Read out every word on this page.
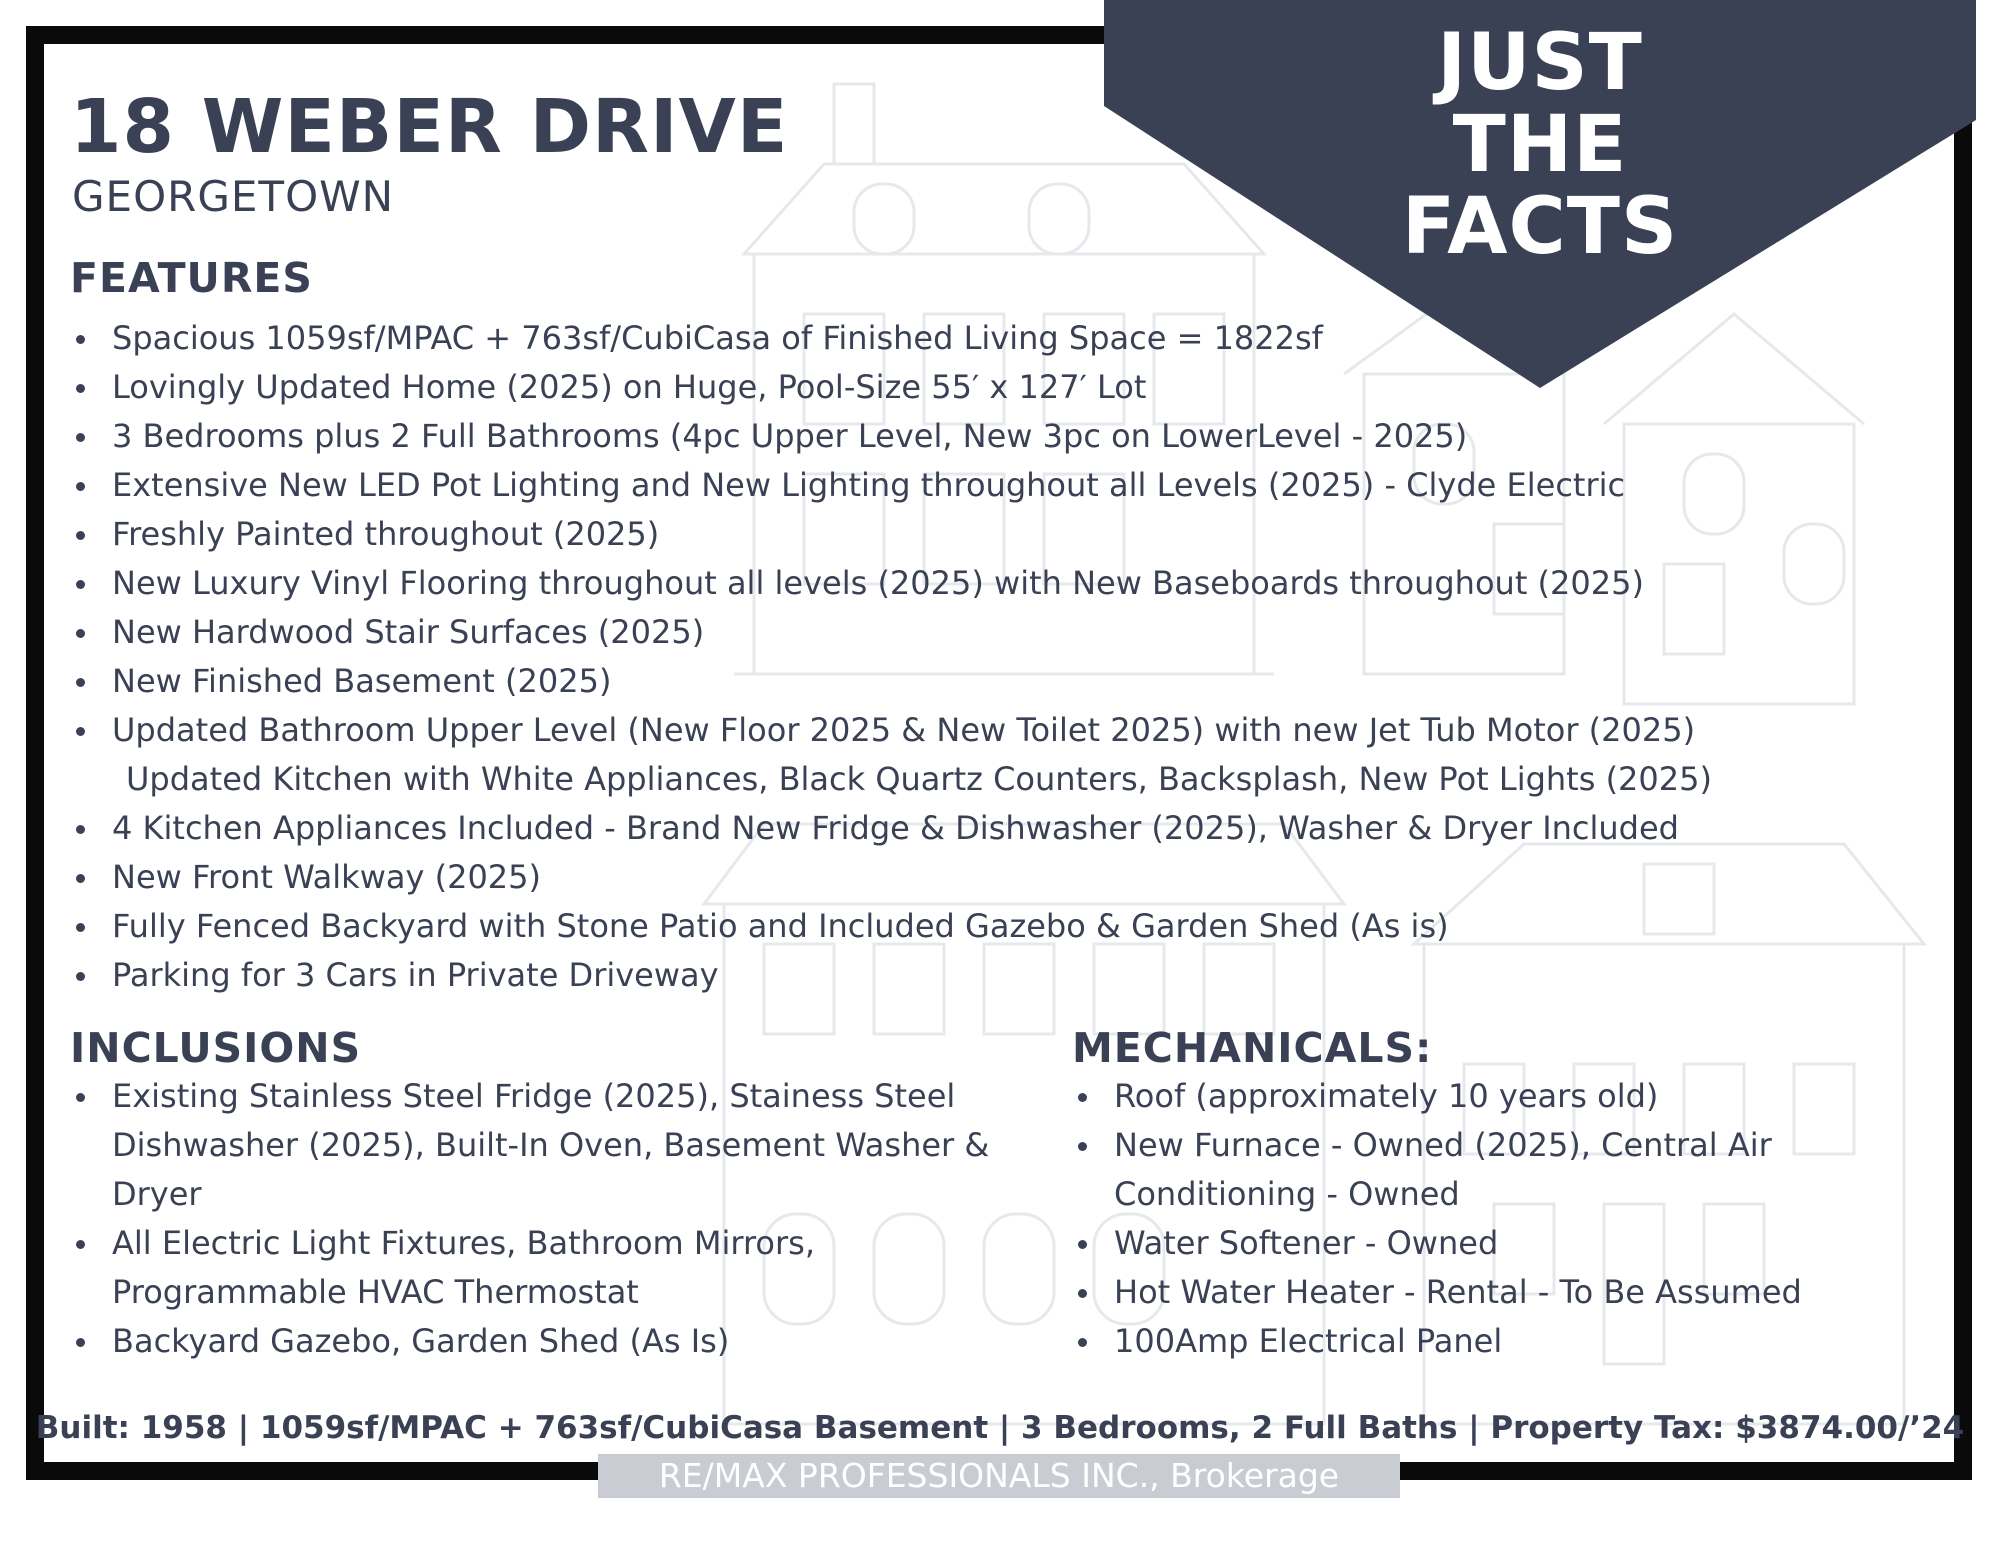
JUST
THE
FACTS
18 WEBER DRIVE
GEORGETOWN
FEATURES
Spacious 1059sf/MPAC + 763sf/CubiCasa of Finished Living Space = 1822sf
Lovingly Updated Home (2025) on Huge, Pool-Size 55′ x 127′ Lot
3 Bedrooms plus 2 Full Bathrooms (4pc Upper Level, New 3pc on LowerLevel - 2025)
Extensive New LED Pot Lighting and New Lighting throughout all Levels (2025) - Clyde Electric
Freshly Painted throughout (2025)
New Luxury Vinyl Flooring throughout all levels (2025) with New Baseboards throughout (2025)
New Hardwood Stair Surfaces (2025)
New Finished Basement (2025)
Updated Bathroom Upper Level (New Floor 2025 & New Toilet 2025) with new Jet Tub Motor (2025)
Updated Kitchen with White Appliances, Black Quartz Counters, Backsplash, New Pot Lights (2025)
4 Kitchen Appliances Included - Brand New Fridge & Dishwasher (2025), Washer & Dryer Included
New Front Walkway (2025)
Fully Fenced Backyard with Stone Patio and Included Gazebo & Garden Shed (As is)
Parking for 3 Cars in Private Driveway
INCLUSIONS
Existing Stainless Steel Fridge (2025), Stainess Steel Dishwasher (2025), Built-In Oven, Basement Washer & Dryer
All Electric Light Fixtures, Bathroom Mirrors, Programmable HVAC Thermostat
Backyard Gazebo, Garden Shed (As Is)
MECHANICALS:
Roof (approximately 10 years old)
New Furnace - Owned (2025), Central Air Conditioning - Owned
Water Softener - Owned
Hot Water Heater - Rental - To Be Assumed
100Amp Electrical Panel
Built: 1958 | 1059sf/MPAC + 763sf/CubiCasa Basement | 3 Bedrooms, 2 Full Baths | Property Tax: $3874.00/’24
RE/MAX PROFESSIONALS INC., Brokerage
